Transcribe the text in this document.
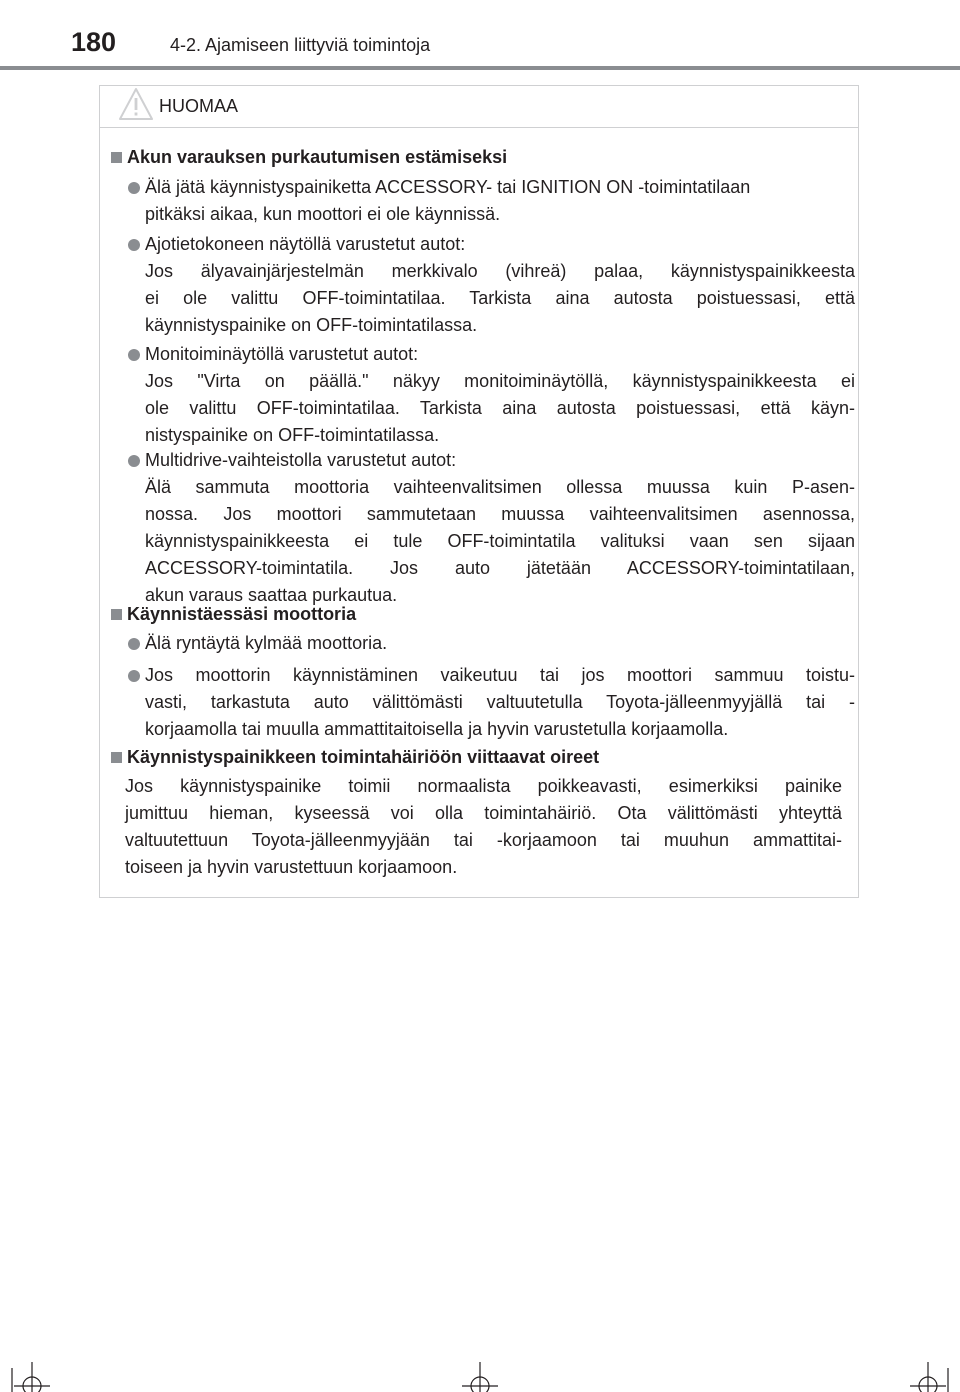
180	4-2. Ajamiseen liittyviä toimintoja
HUOMAA
Akun varauksen purkautumisen estämiseksi
Älä jätä käynnistyspainiketta ACCESSORY- tai IGNITION ON -toimintatilaan
pitkäksi aikaa, kun moottori ei ole käynnissä.
Ajotietokoneen näytöllä varustetut autot:
Jos älyavainjärjestelmän merkkivalo (vihreä) palaa, käynnistyspainikkeesta
ei ole valittu OFF-toimintatilaa. Tarkista aina autosta poistuessasi, että
käynnistyspainike on OFF-toimintatilassa.
Monitoiminäytöllä varustetut autot:
Jos "Virta on päällä." näkyy monitoiminäytöllä, käynnistyspainikkeesta ei
ole valittu OFF-toimintatilaa. Tarkista aina autosta poistuessasi, että käyn-
nistyspainike on OFF-toimintatilassa.
Multidrive-vaihteistolla varustetut autot:
Älä sammuta moottoria vaihteenvalitsimen ollessa muussa kuin P-asen-
nossa. Jos moottori sammutetaan muussa vaihteenvalitsimen asennossa,
käynnistyspainikkeesta ei tule OFF-toimintatila valituksi vaan sen sijaan
ACCESSORY-toimintatila. Jos auto jätetään ACCESSORY-toimintatilaan,
akun varaus saattaa purkautua.
Käynnistäessäsi moottoria
Älä ryntäytä kylmää moottoria.
Jos moottorin käynnistäminen vaikeutuu tai jos moottori sammuu toistu-
vasti, tarkastuta auto välittömästi valtuutetulla Toyota-jälleenmyyjällä tai -
korjaamolla tai muulla ammattitaitoisella ja hyvin varustetulla korjaamolla.
Käynnistyspainikkeen toimintahäiriöön viittaavat oireet
Jos käynnistyspainike toimii normaalista poikkeavasti, esimerkiksi painike
jumittuu hieman, kyseessä voi olla toimintahäiriö. Ota välittömästi yhteyttä
valtuutettuun Toyota-jälleenmyyjään tai -korjaamoon tai muuhun ammattitai-
toiseen ja hyvin varustettuun korjaamoon.
